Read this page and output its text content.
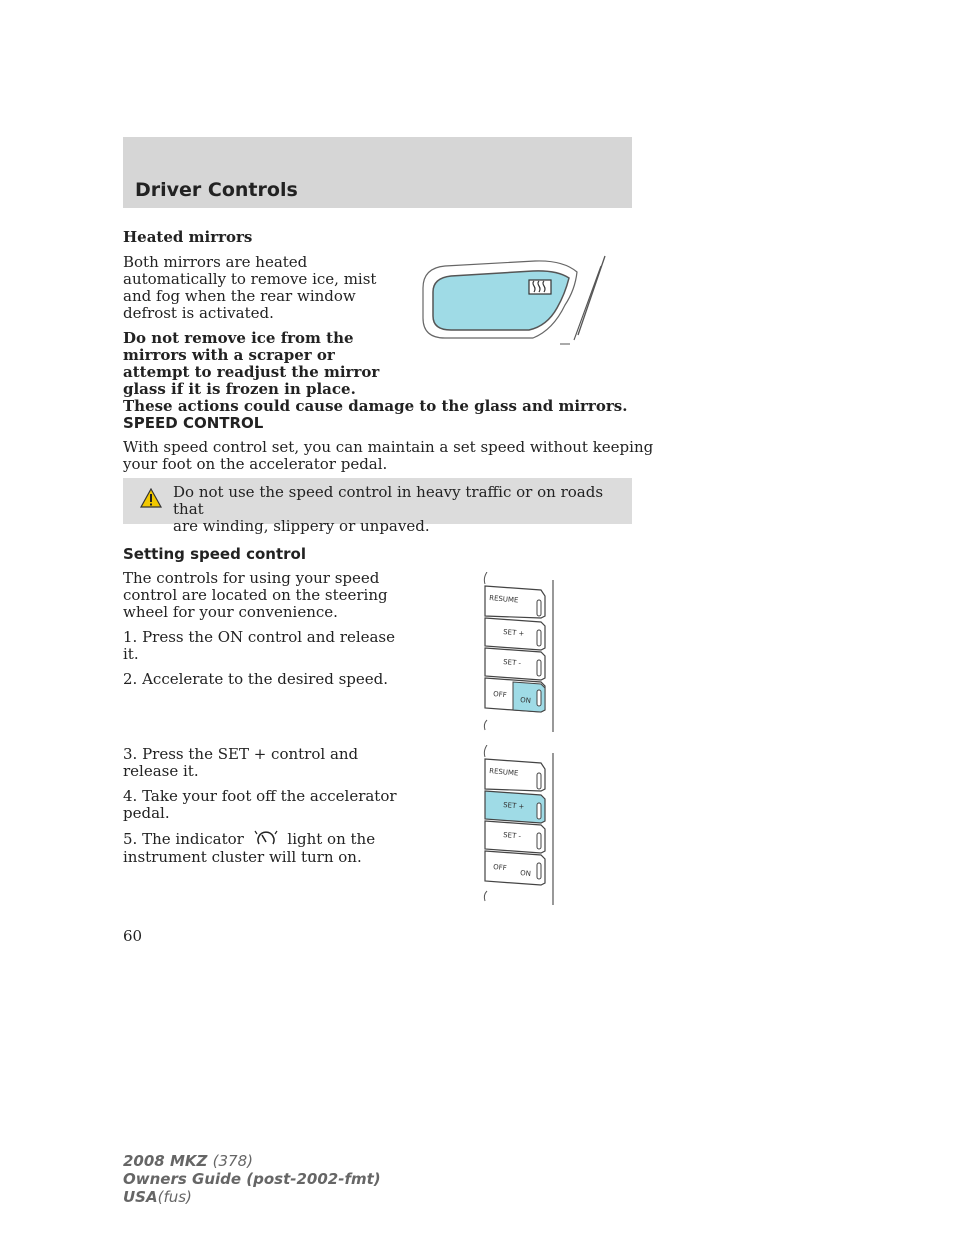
Driver Controls

Heated mirrors

Both mirrors are heated

automatically to remove ice, mist

and fog when the rear window

defrost is activated.

Do not remove ice from the

mirrors with a scraper or

attempt to readjust the mirror

glass if it is frozen in place.

These actions could cause damage to the glass and mirrors.

SPEED CONTROL

With speed control set, you can maintain a set speed without keeping

your foot on the accelerator pedal.

Do not use the speed control in heavy traffic or on roads that
are winding, slippery or unpaved.

Setting speed control

The controls for using your speed

control are located on the steering

wheel for your convenience.

1. Press the ON control and release

it.

2. Accelerate to the desired speed.

3. Press the SET + control and

release it.

4. Take your foot off the accelerator

pedal.

5. The indicator	light on the

instrument cluster will turn on.

RESUME
SET +
SET -
OFF
ON
RESUME
SET +
SET -
OFF
ON

60

2008 MKZ (378)
Owners Guide (post-2002-fmt)
USA(fus)
